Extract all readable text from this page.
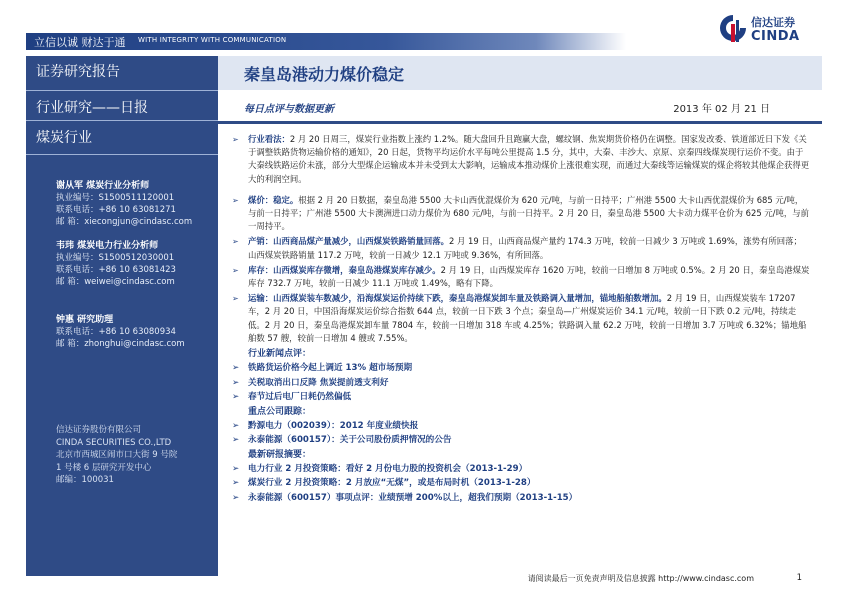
立信以诚 财达于通 WITH INTEGRITY WITH COMMUNICATION
信达证券
CINDA
证券研究报告
行业研究——日报
煤炭行业
谢从军 煤炭行业分析师
执业编号：S1500511120001
联系电话：+86 10 63081271
邮 箱：xiecongjun@cindasc.com
韦玮 煤炭电力行业分析师
执业编号：S1500512030001
联系电话：+86 10 63081423
邮 箱：weiwei@cindasc.com
钟惠 研究助理
联系电话：+86 10 63080934
邮 箱：zhonghui@cindasc.com
信达证券股份有限公司
CINDA SECURITIES CO.,LTD
北京市西城区闹市口大街 9 号院
1 号楼 6 层研究开发中心
邮编：100031
秦皇岛港动力煤价稳定
每日点评与数据更新	2013 年 02 月 21 日
➢ 行业看法：2 月 20 日周三，煤炭行业指数上涨约 1.2%。随大盘回升且跑赢大盘，螺纹钢、焦炭期货价格仍在调整。国家发改委、铁道部近日下发《关于调整铁路货物运输价格的通知》，20 日起，货物平均运价水平每吨公里提高 1.5 分，其中，大秦、丰沙大、京原、京秦四线煤炭现行运价不变。由于大秦线铁路运价未涨，部分大型煤企运输成本并未受到太大影响，运输成本推动煤价上涨很难实现，而通过大秦线等运输煤炭的煤企将较其他煤企获得更大的利润空间。
➢ 煤价：稳定。根据 2 月 20 日数据，秦皇岛港 5500 大卡山西优混煤价为 620 元/吨，与前一日持平；广州港 5500 大卡山西优混煤价为 685 元/吨，与前一日持平；广州港 5500 大卡澳洲进口动力煤价为 680 元/吨，与前一日持平。2 月 20 日，秦皇岛港 5500 大卡动力煤平仓价为 625 元/吨，与前一周持平。
➢ 产销：山西商品煤产量减少，山西煤炭铁路销量回落。2 月 19 日，山西商品煤产量约 174.3 万吨，较前一日减少 3 万吨或 1.69%，涨势有所回落；山西煤炭铁路销量 117.2 万吨，较前一日减少 12.1 万吨或 9.36%，有所回落。
➢ 库存：山西煤炭库存微增，秦皇岛港煤炭库存减少。2 月 19 日，山西煤炭库存 1620 万吨，较前一日增加 8 万吨或 0.5%。2 月 20 日，秦皇岛港煤炭库存 732.7 万吨，较前一日减少 11.1 万吨或 1.49%，略有下降。
➢ 运输：山西煤炭装车数减少，沿海煤炭运价持续下跌，秦皇岛港煤炭卸车量及铁路调入量增加，锚地船舶数增加。2 月 19 日，山西煤炭装车 17207 车，2 月 20 日，中国沿海煤炭运价综合指数 644 点，较前一日下跌 3 个点；秦皇岛—广州煤炭运价 34.1 元/吨，较前一日下跌 0.2 元/吨，持续走低。2 月 20 日，秦皇岛港煤炭卸车量 7804 车，较前一日增加 318 车或 4.25%；铁路调入量 62.2 万吨，较前一日增加 3.7 万吨或 6.32%；锚地船舶数 57 艘，较前一日增加 4 艘或 7.55%。
行业新闻点评：
➢ 铁路货运价格今起上调近 13% 超市场预期
➢ 关税取消出口反降 焦炭提前透支利好
➢ 春节过后电厂日耗仍然偏低
重点公司跟踪：
➢ 黔源电力（002039）：2012 年度业绩快报
➢ 永泰能源（600157）：关于公司股份质押情况的公告
最新研报摘要：
➢ 电力行业 2 月投资策略：看好 2 月份电力股的投资机会（2013-1-29）
➢ 煤炭行业 2 月投资策略：2 月放应“无煤”，或是布局时机（2013-1-28）
➢ 永泰能源（600157）事项点评：业绩预增 200%以上，超我们预期（2013-1-15）
请阅读最后一页免责声明及信息披露 http://www.cindasc.com	1
